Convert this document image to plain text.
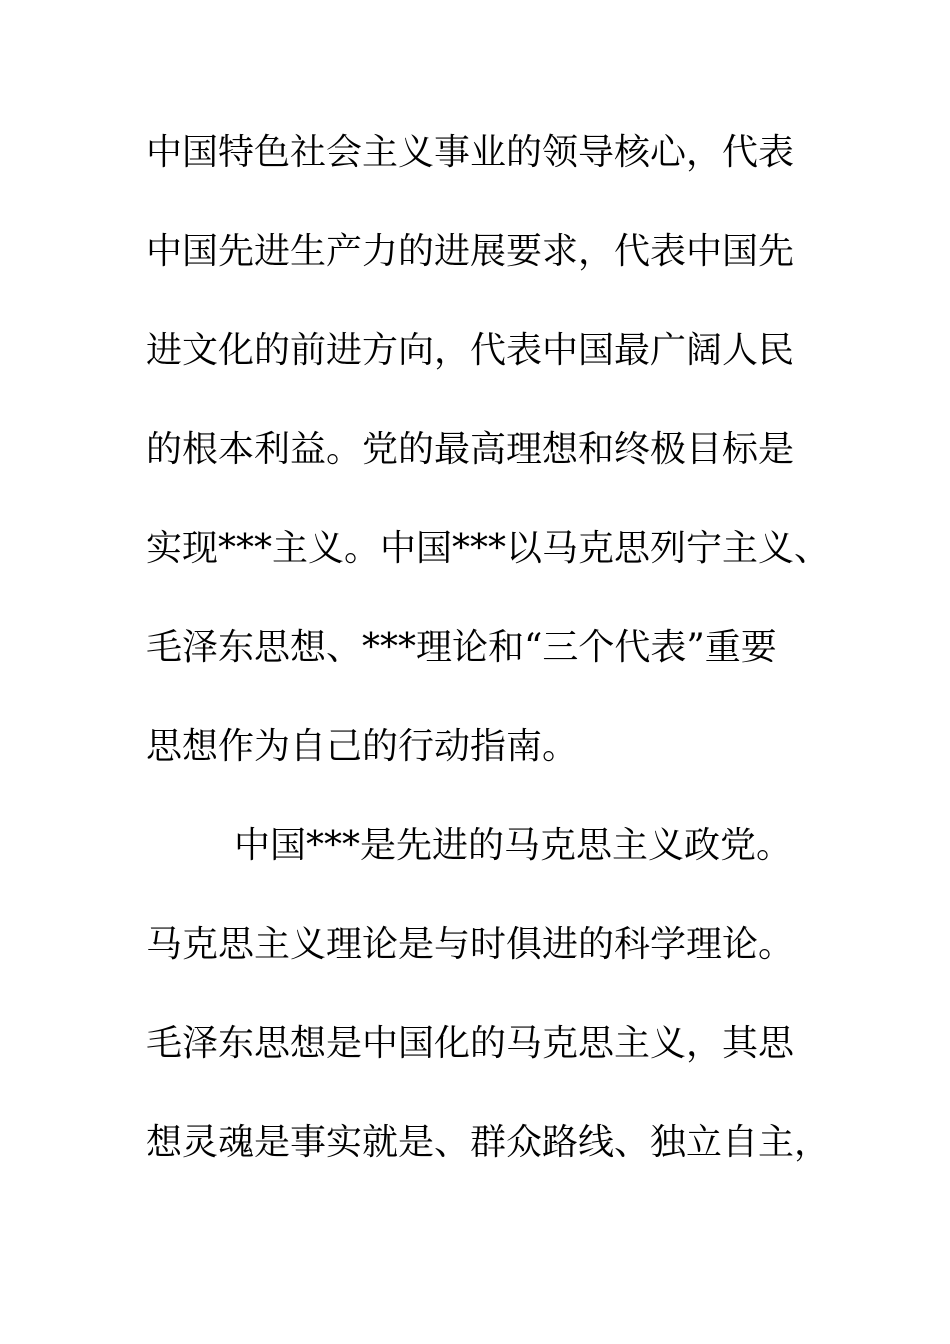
中国特色社会主义事业的领导核心，代表
中国先进生产力的进展要求，代表中国先
进文化的前进方向，代表中国最广阔人民
的根本利益。党的最高理想和终极目标是
实现***主义。中国***以马克思列宁主义、
毛泽东思想、***理论和“三个代表”重要
思想作为自己的行动指南。
中国***是先进的马克思主义政党。
马克思主义理论是与时俱进的科学理论。
毛泽东思想是中国化的马克思主义，其思
想灵魂是事实就是、群众路线、独立自主，
